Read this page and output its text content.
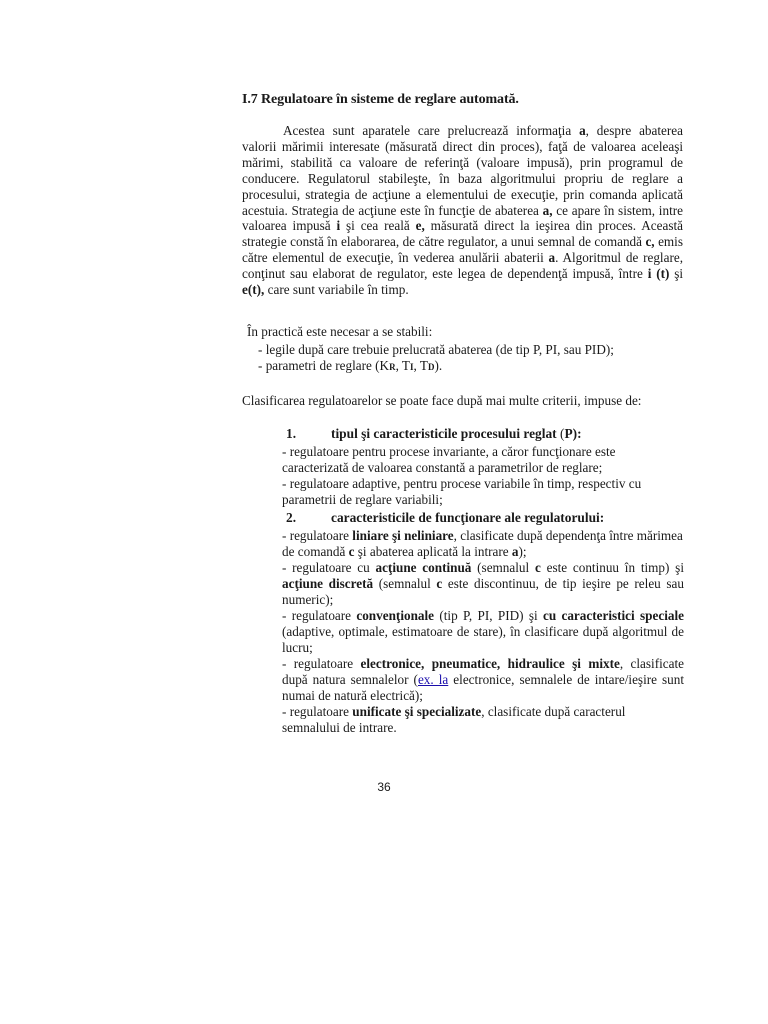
I.7 Regulatoare în sisteme de reglare automată.

Acestea sunt aparatele care prelucrează informaţia a, despre abaterea valorii mărimii interesate (măsurată direct din proces), faţă de valoarea aceleaşi mărimi, stabilită ca valoare de referinţă (valoare impusă), prin programul de conducere. Regulatorul stabileşte, în baza algoritmului propriu de reglare a procesului, strategia de acţiune a elementului de execuţie, prin comanda aplicată acestuia. Strategia de acţiune este în funcţie de abaterea a, ce apare în sistem, intre valoarea impusă i şi cea reală e, măsurată direct la ieşirea din proces. Această strategie constă în elaborarea, de către regulator, a unui semnal de comandă c, emis către elementul de execuţie, în vederea anulării abaterii a. Algoritmul de reglare, conţinut sau elaborat de regulator, este legea de dependenţă impusă, între i (t) şi e(t), care sunt variabile în timp.

În practică este necesar a se stabili:
- legile după care trebuie prelucrată abaterea (de tip P, PI, sau PID);
- parametri de reglare (KR, TI, TD).
Clasificarea regulatoarelor se poate face după mai multe criterii, impuse de:
1.	tipul şi caracteristicile procesului reglat (P):

- regulatoare pentru procese invariante, a căror funcţionare este caracterizată de valoarea constantă a parametrilor de reglare;

- regulatoare adaptive, pentru procese variabile în timp, respectiv cu parametrii de reglare variabili;

2.	caracteristicile de funcţionare ale regulatorului:

- regulatoare liniare şi neliniare, clasificate după dependenţa între mărimea de comandă c şi abaterea aplicată la intrare a);

- regulatoare cu acţiune continuă (semnalul c este continuu în timp) şi acţiune discretă (semnalul c este discontinuu, de tip ieşire pe releu sau numeric);

- regulatoare convenţionale (tip P, PI, PID) şi cu caracteristici speciale (adaptive, optimale, estimatoare de stare), în clasificare după algoritmul de lucru;

- regulatoare electronice, pneumatice, hidraulice şi mixte, clasificate după natura semnalelor (ex. la electronice, semnalele de intare/ieşire sunt numai de natură electrică);

- regulatoare unificate şi specializate, clasificate după caracterul semnalului de intrare.

36
